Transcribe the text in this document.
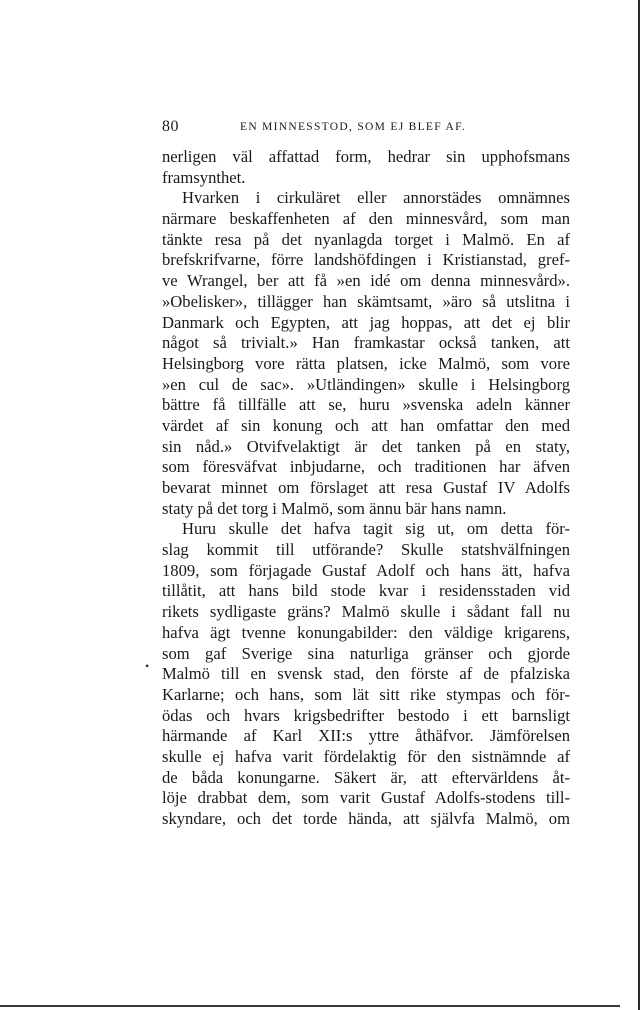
80	EN MINNESSTOD, SOM EJ BLEF AF.
•
nerligen väl affattad form, hedrar sin upphofsmans
framsynthet.
Hvarken i cirkuläret eller annorstädes omnämnes
närmare beskaffenheten af den minnesvård, som man
tänkte resa på det nyanlagda torget i Malmö. En af
brefskrifvarne, förre landshöfdingen i Kristianstad, gref-
ve Wrangel, ber att få »en idé om denna minnesvård».
»Obelisker», tillägger han skämtsamt, »äro så utslitna i
Danmark och Egypten, att jag hoppas, att det ej blir
något så trivialt.» Han framkastar också tanken, att
Helsingborg vore rätta platsen, icke Malmö, som vore
»en cul de sac». »Utländingen» skulle i Helsingborg
bättre få tillfälle att se, huru »svenska adeln känner
värdet af sin konung och att han omfattar den med
sin nåd.» Otvifvelaktigt är det tanken på en staty,
som föresväfvat inbjudarne, och traditionen har äfven
bevarat minnet om förslaget att resa Gustaf IV Adolfs
staty på det torg i Malmö, som ännu bär hans namn.
Huru skulle det hafva tagit sig ut, om detta för-
slag kommit till utförande? Skulle statshvälfningen
1809, som förjagade Gustaf Adolf och hans ätt, hafva
tillåtit, att hans bild stode kvar i residensstaden vid
rikets sydligaste gräns? Malmö skulle i sådant fall nu
hafva ägt tvenne konungabilder: den väldige krigarens,
som gaf Sverige sina naturliga gränser och gjorde
Malmö till en svensk stad, den förste af de pfalziska
Karlarne; och hans, som lät sitt rike stympas och för-
ödas och hvars krigsbedrifter bestodo i ett barnsligt
härmande af Karl XII:s yttre åthäfvor. Jämförelsen
skulle ej hafva varit fördelaktig för den sistnämnde af
de båda konungarne. Säkert är, att eftervärldens åt-
löje drabbat dem, som varit Gustaf Adolfs-stodens till-
skyndare, och det torde hända, att självfa Malmö, om
